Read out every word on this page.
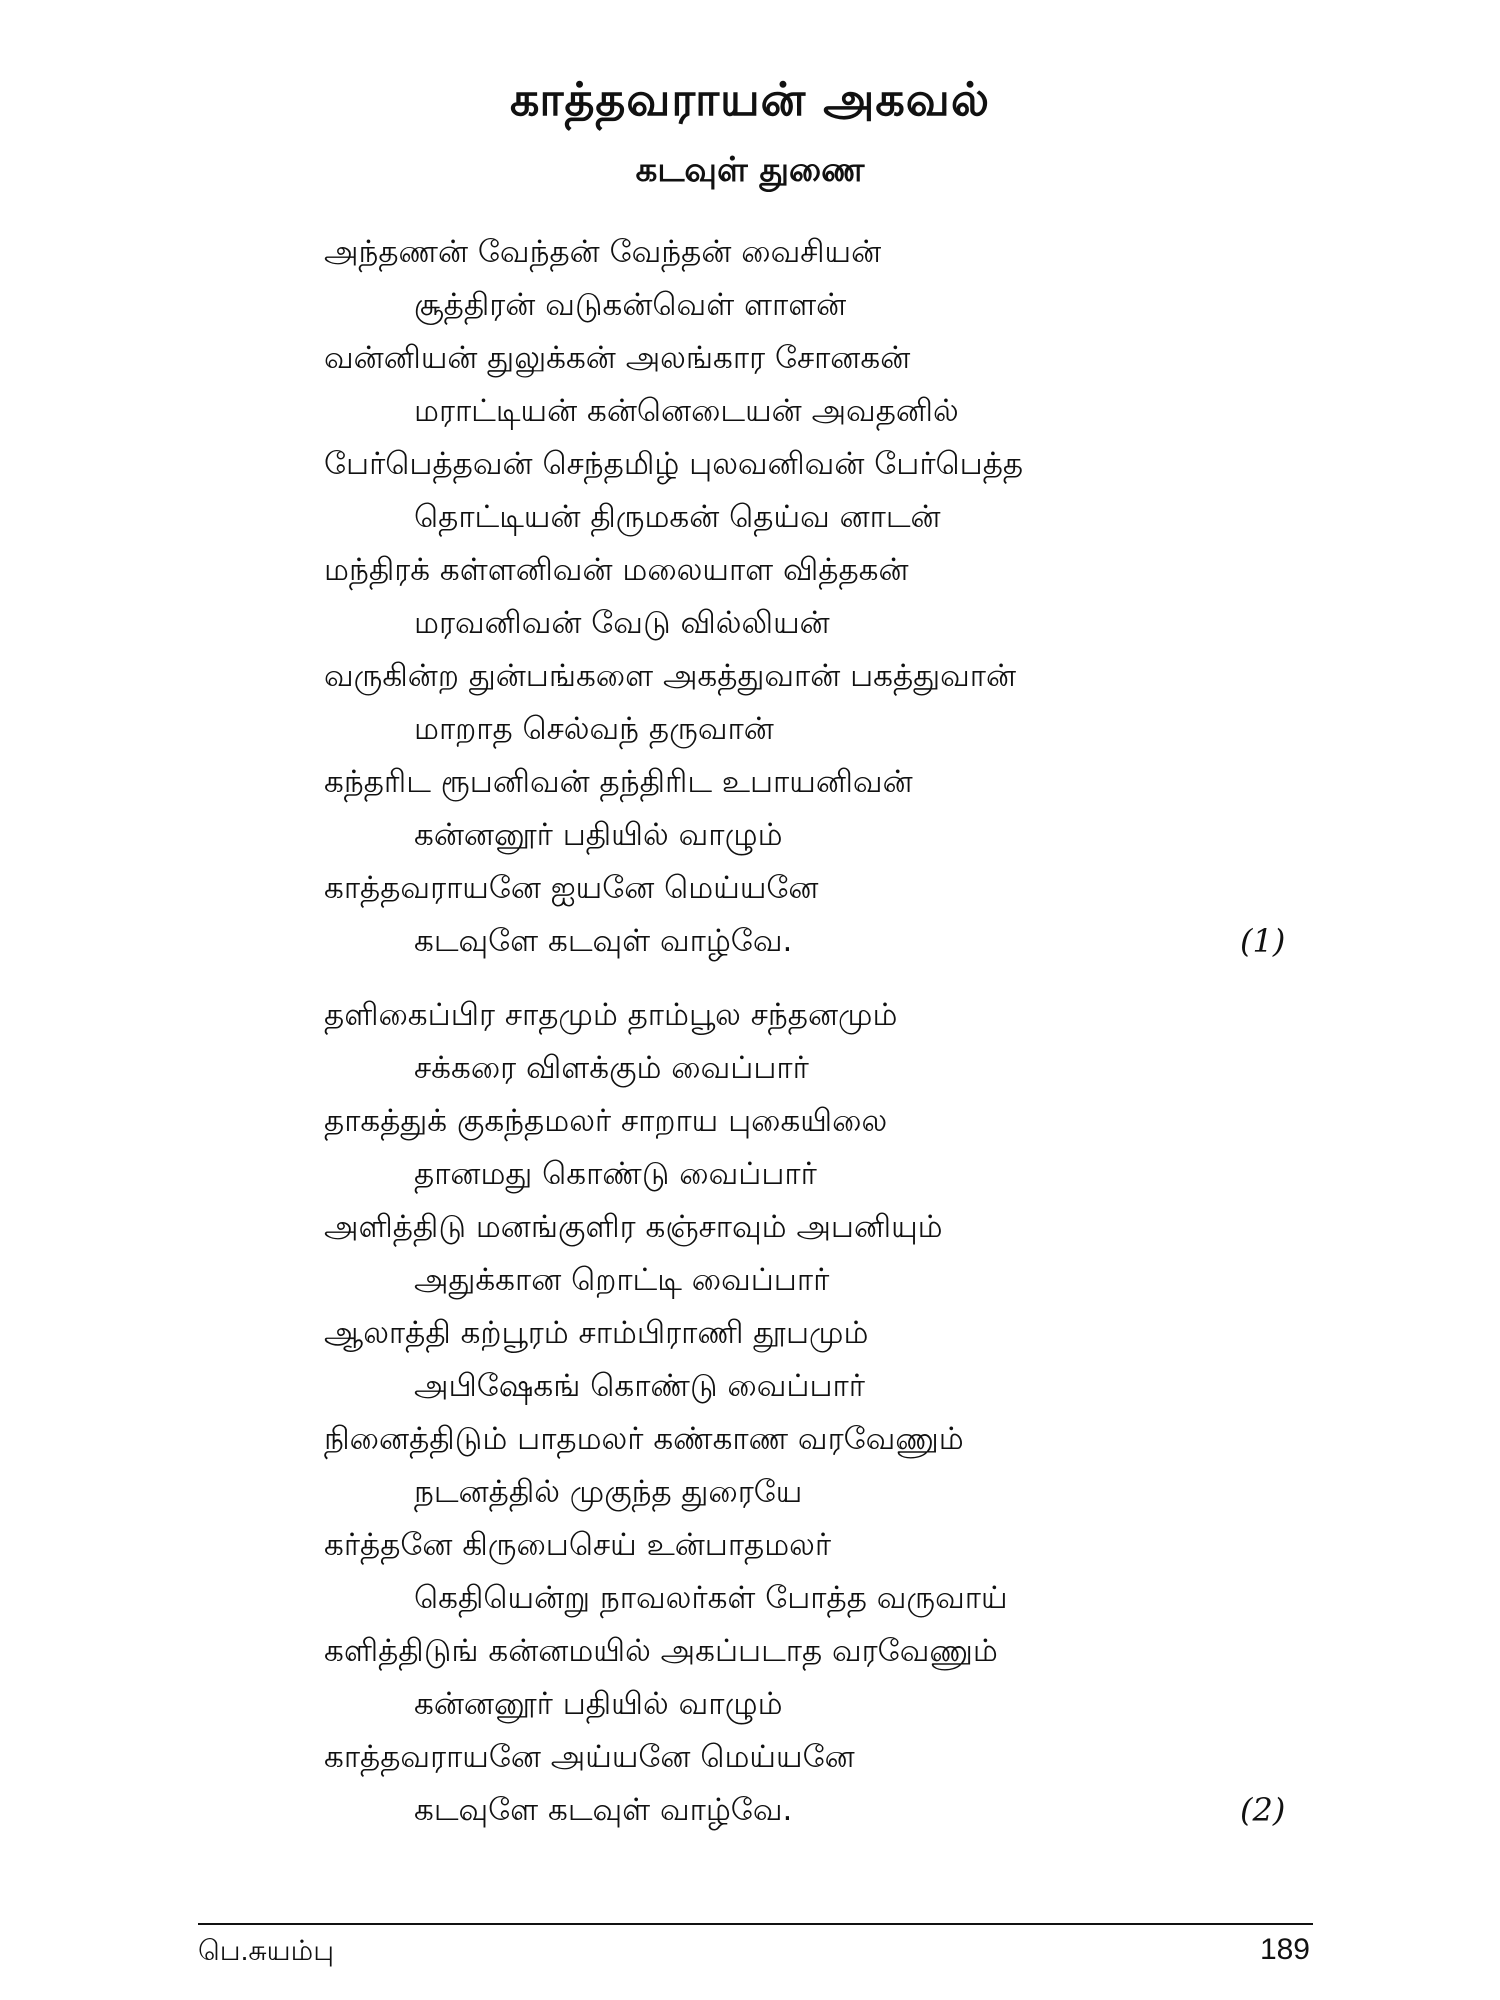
காத்தவராயன் அகவல்
கடவுள் துணை
அந்தணன் வேந்தன் வேந்தன் வைசியன்
சூத்திரன் வடுகன்வெள் ளாளன்
வன்னியன் துலுக்கன் அலங்கார சோனகன்
மராட்டியன் கன்னெடையன் அவதனில்
பேர்பெத்தவன் செந்தமிழ் புலவனிவன் பேர்பெத்த
தொட்டியன் திருமகன் தெய்வ னாடன்
மந்திரக் கள்ளனிவன் மலையாள வித்தகன்
மரவனிவன் வேடு வில்லியன்
வருகின்ற துன்பங்களை அகத்துவான் பகத்துவான்
மாறாத செல்வந் தருவான்
கந்தரிட ரூபனிவன் தந்திரிட உபாயனிவன்
கன்னனூர் பதியில் வாழும்
காத்தவராயனே ஐயனே மெய்யனே
கடவுளே கடவுள் வாழ்வே.	(1)
தளிகைப்பிர சாதமும் தாம்பூல சந்தனமும்
சக்கரை விளக்கும் வைப்பார்
தாகத்துக் குகந்தமலர் சாறாய புகையிலை
தானமது கொண்டு வைப்பார்
அளித்திடு மனங்குளிர கஞ்சாவும் அபனியும்
அதுக்கான றொட்டி வைப்பார்
ஆலாத்தி கற்பூரம் சாம்பிராணி தூபமும்
அபிஷேகங் கொண்டு வைப்பார்
நினைத்திடும் பாதமலர் கண்காண வரவேணும்
நடனத்தில் முகுந்த துரையே
கர்த்தனே கிருபைசெய் உன்பாதமலர்
கெதியென்று நாவலர்கள் போத்த வருவாய்
களித்திடுங் கன்னமயில் அகப்படாத வரவேணும்
கன்னனூர் பதியில் வாழும்
காத்தவராயனே அய்யனே மெய்யனே
கடவுளே கடவுள் வாழ்வே.	(2)
பெ.சுயம்பு	189
